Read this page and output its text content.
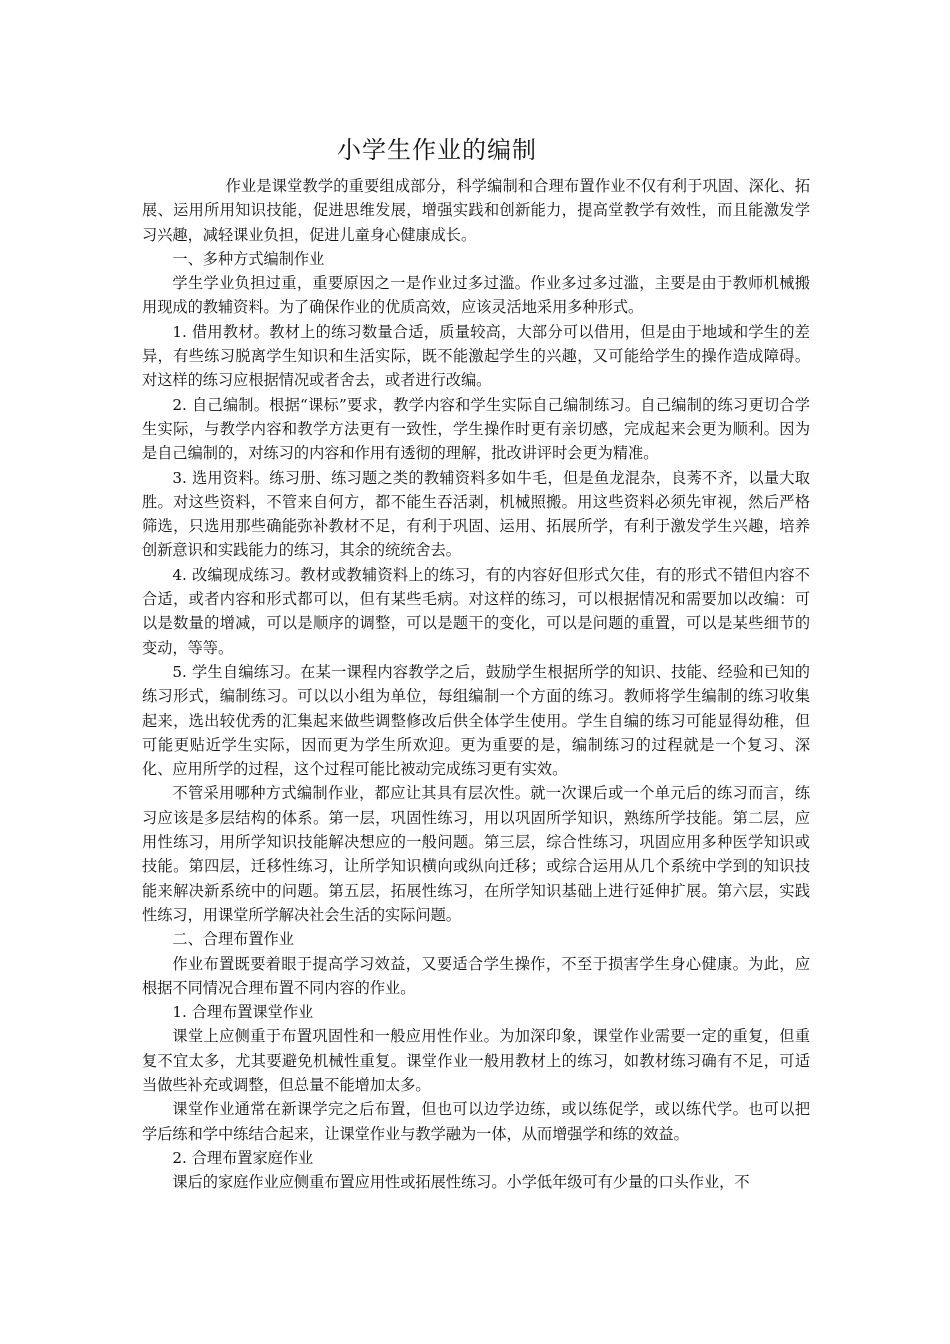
小学生作业的编制

作业是课堂教学的重要组成部分，科学编制和合理布置作业不仅有利于巩固、深化、拓展、运用所用知识技能，促进思维发展，增强实践和创新能力，提高堂教学有效性，而且能激发学习兴趣，减轻课业负担，促进儿童身心健康成长。

一、多种方式编制作业

学生学业负担过重，重要原因之一是作业过多过滥。作业多过多过滥，主要是由于教师机械搬用现成的教辅资料。为了确保作业的优质高效，应该灵活地采用多种形式。

1. 借用教材。教材上的练习数量合适，质量较高，大部分可以借用，但是由于地域和学生的差异，有些练习脱离学生知识和生活实际，既不能激起学生的兴趣，又可能给学生的操作造成障碍。对这样的练习应根据情况或者舍去，或者进行改编。

2. 自己编制。根据“课标”要求，教学内容和学生实际自己编制练习。自己编制的练习更切合学生实际，与教学内容和教学方法更有一致性，学生操作时更有亲切感，完成起来会更为顺利。因为是自己编制的，对练习的内容和作用有透彻的理解，批改讲评时会更为精准。

3. 选用资料。练习册、练习题之类的教辅资料多如牛毛，但是鱼龙混杂，良莠不齐，以量大取胜。对这些资料，不管来自何方，都不能生吞活剥，机械照搬。用这些资料必须先审视，然后严格筛选，只选用那些确能弥补教材不足，有利于巩固、运用、拓展所学，有利于激发学生兴趣，培养创新意识和实践能力的练习，其余的统统舍去。

4. 改编现成练习。教材或教辅资料上的练习，有的内容好但形式欠佳，有的形式不错但内容不合适，或者内容和形式都可以，但有某些毛病。对这样的练习，可以根据情况和需要加以改编：可以是数量的增减，可以是顺序的调整，可以是题干的变化，可以是问题的重置，可以是某些细节的变动，等等。

5. 学生自编练习。在某一课程内容教学之后，鼓励学生根据所学的知识、技能、经验和已知的练习形式，编制练习。可以以小组为单位，每组编制一个方面的练习。教师将学生编制的练习收集起来，选出较优秀的汇集起来做些调整修改后供全体学生使用。学生自编的练习可能显得幼稚，但可能更贴近学生实际，因而更为学生所欢迎。更为重要的是，编制练习的过程就是一个复习、深化、应用所学的过程，这个过程可能比被动完成练习更有实效。

不管采用哪种方式编制作业，都应让其具有层次性。就一次课后或一个单元后的练习而言，练习应该是多层结构的体系。第一层，巩固性练习，用以巩固所学知识，熟练所学技能。第二层，应用性练习，用所学知识技能解决想应的一般问题。第三层，综合性练习，巩固应用多种医学知识或技能。第四层，迁移性练习，让所学知识横向或纵向迁移；或综合运用从几个系统中学到的知识技能来解决新系统中的问题。第五层，拓展性练习，在所学知识基础上进行延伸扩展。第六层，实践性练习，用课堂所学解决社会生活的实际问题。

二、合理布置作业

作业布置既要着眼于提高学习效益，又要适合学生操作，不至于损害学生身心健康。为此，应根据不同情况合理布置不同内容的作业。

1. 合理布置课堂作业

课堂上应侧重于布置巩固性和一般应用性作业。为加深印象，课堂作业需要一定的重复，但重复不宜太多，尤其要避免机械性重复。课堂作业一般用教材上的练习，如教材练习确有不足，可适当做些补充或调整，但总量不能增加太多。

课堂作业通常在新课学完之后布置，但也可以边学边练，或以练促学，或以练代学。也可以把学后练和学中练结合起来，让课堂作业与教学融为一体，从而增强学和练的效益。

2. 合理布置家庭作业

课后的家庭作业应侧重布置应用性或拓展性练习。小学低年级可有少量的口头作业，不
